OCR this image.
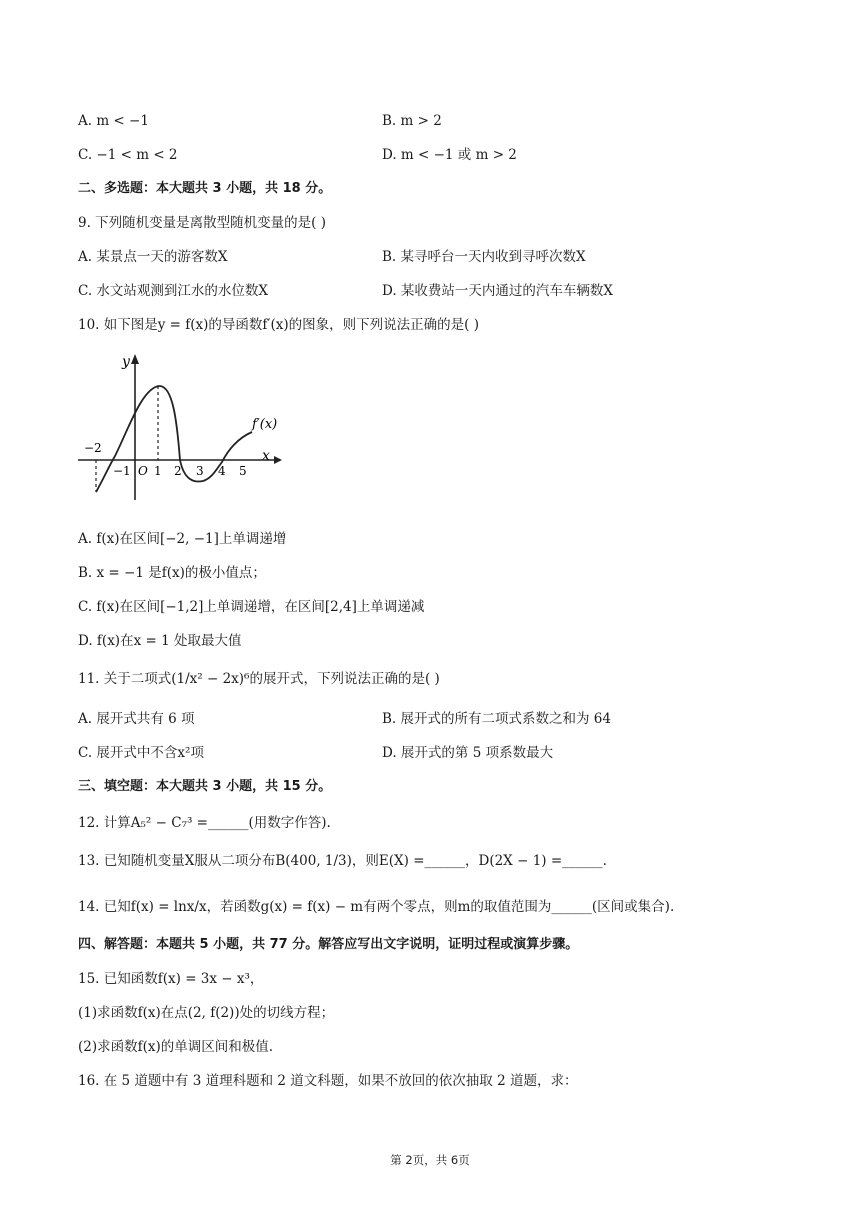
A. m < −1	B. m > 2
C. −1 < m < 2	D. m < −1 或 m > 2
二、多选题：本大题共 3 小题，共 18 分。
9. 下列随机变量是离散型随机变量的是( )
A. 某景点一天的游客数X	B. 某寻呼台一天内收到寻呼次数X
C. 水文站观测到江水的水位数X	D. 某收费站一天内通过的汽车车辆数X
10. 如下图是y = f(x)的导函数f′(x)的图象，则下列说法正确的是( )
y
x
f′(x)
−2
−1 O 1 2 3 4 5
A. f(x)在区间[−2, −1]上单调递增
B. x = −1 是f(x)的极小值点；
C. f(x)在区间[−1,2]上单调递增，在区间[2,4]上单调递减
D. f(x)在x = 1 处取最大值
11. 关于二项式(1/x² − 2x)⁶的展开式，下列说法正确的是( )
A. 展开式共有 6 项	B. 展开式的所有二项式系数之和为 64
C. 展开式中不含x²项	D. 展开式的第 5 项系数最大
三、填空题：本大题共 3 小题，共 15 分。
12. 计算A₅² − C₇³ =______(用数字作答).
13. 已知随机变量X服从二项分布B(400, 1/3)，则E(X) =______，D(2X − 1) =______.
14. 已知f(x) = lnx/x，若函数g(x) = f(x) − m有两个零点，则m的取值范围为______(区间或集合).
四、解答题：本题共 5 小题，共 77 分。解答应写出文字说明，证明过程或演算步骤。
15. 已知函数f(x) = 3x − x³，
(1)求函数f(x)在点(2, f(2))处的切线方程；
(2)求函数f(x)的单调区间和极值.
16. 在 5 道题中有 3 道理科题和 2 道文科题，如果不放回的依次抽取 2 道题，求：
第 2页，共 6页
